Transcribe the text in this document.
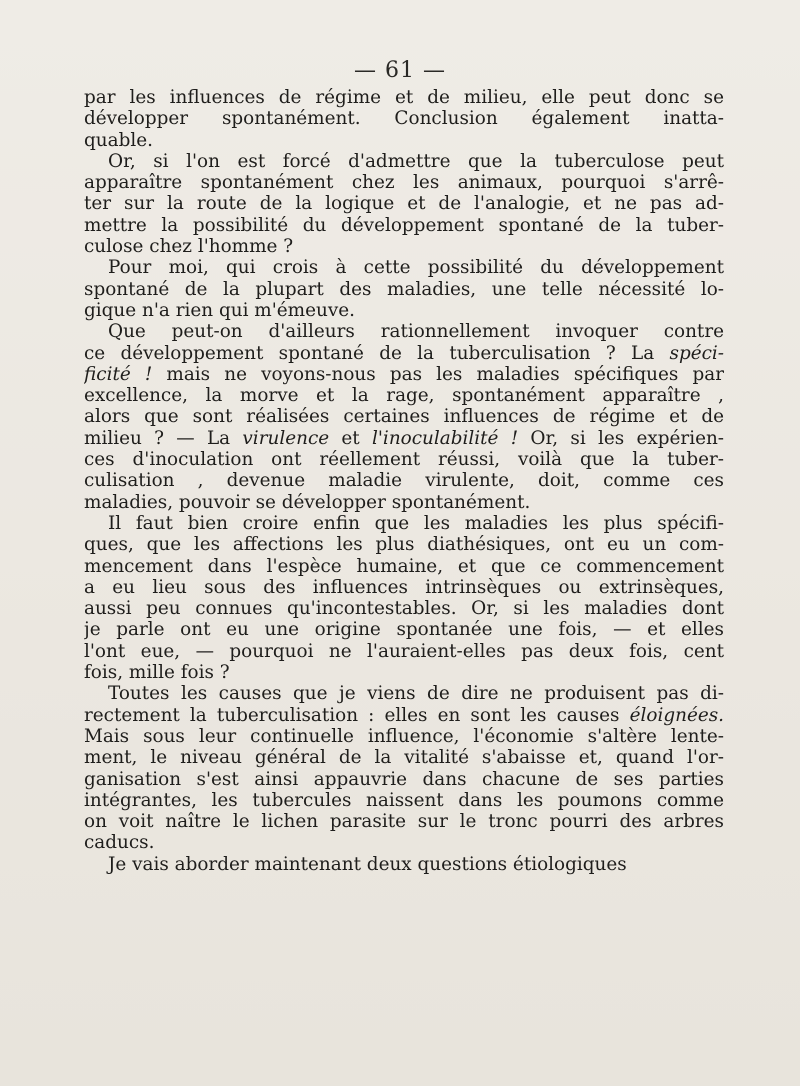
— 61 —

par les influences de régime et de milieu, elle peut donc se
développer spontanément. Conclusion également inatta-
quable.

Or, si l'on est forcé d'admettre que la tuberculose peut
apparaître spontanément chez les animaux, pourquoi s'arrê-
ter sur la route de la logique et de l'analogie, et ne pas ad-
mettre la possibilité du développement spontané de la tuber-
culose chez l'homme ?

Pour moi, qui crois à cette possibilité du développement
spontané de la plupart des maladies, une telle nécessité lo-
gique n'a rien qui m'émeuve.

Que peut-on d'ailleurs rationnellement invoquer contre
ce développement spontané de la tuberculisation ? La spéci-
ficité ! mais ne voyons-nous pas les maladies spécifiques par
excellence, la morve et la rage, spontanément apparaître ,
alors que sont réalisées certaines influences de régime et de
milieu ? — La virulence et l'inoculabilité ! Or, si les expérien-
ces d'inoculation ont réellement réussi, voilà que la tuber-
culisation , devenue maladie virulente, doit, comme ces
maladies, pouvoir se développer spontanément.

Il faut bien croire enfin que les maladies les plus spécifi-
ques, que les affections les plus diathésiques, ont eu un com-
mencement dans l'espèce humaine, et que ce commencement
a eu lieu sous des influences intrinsèques ou extrinsèques,
aussi peu connues qu'incontestables. Or, si les maladies dont
je parle ont eu une origine spontanée une fois, — et elles
l'ont eue, — pourquoi ne l'auraient-elles pas deux fois, cent
fois, mille fois ?

Toutes les causes que je viens de dire ne produisent pas di-
rectement la tuberculisation : elles en sont les causes éloignées.
Mais sous leur continuelle influence, l'économie s'altère lente-
ment, le niveau général de la vitalité s'abaisse et, quand l'or-
ganisation s'est ainsi appauvrie dans chacune de ses parties
intégrantes, les tubercules naissent dans les poumons comme
on voit naître le lichen parasite sur le tronc pourri des arbres
caducs.

Je vais aborder maintenant deux questions étiologiques
